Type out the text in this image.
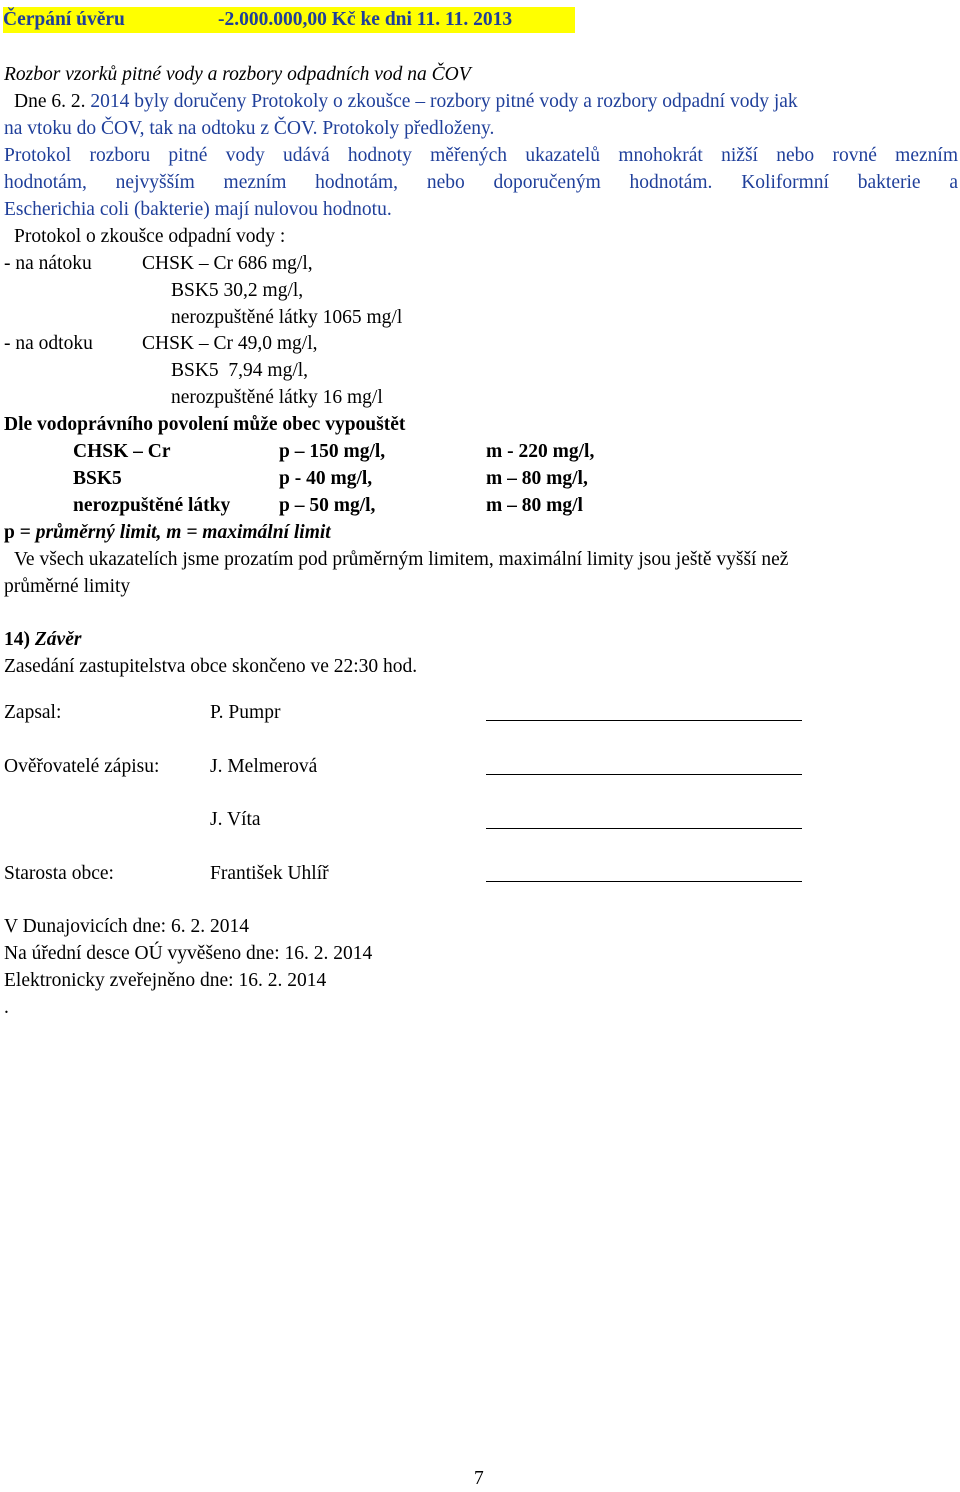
Čerpání úvěru	-2.000.000,00 Kč ke dni 11. 11. 2013
Rozbor vzorků pitné vody a rozbory odpadních vod na ČOV
Dne 6. 2. 2014 byly doručeny Protokoly o zkoušce – rozbory pitné vody a rozbory odpadní vody jak
na vtoku do ČOV, tak na odtoku z ČOV. Protokoly předloženy.
Protokol rozboru pitné vody udává hodnoty měřených ukazatelů mnohokrát nižší nebo rovné mezním
hodnotám, nejvyšším mezním hodnotám, nebo doporučeným hodnotám. Koliformní bakterie a
Escherichia coli (bakterie) mají nulovou hodnotu.
Protokol o zkoušce odpadní vody :
- na nátoku	CHSK – Cr 686 mg/l,
BSK5 30,2 mg/l,
nerozpuštěné látky 1065 mg/l
- na odtoku	CHSK – Cr 49,0 mg/l,
BSK5  7,94 mg/l,
nerozpuštěné látky 16 mg/l
Dle vodoprávního povolení může obec vypouštět
CHSK – Cr	p – 150 mg/l,	m - 220 mg/l,
BSK5	p - 40 mg/l,	m – 80 mg/l,
nerozpuštěné látky p – 50 mg/l,	m – 80 mg/l
p = průměrný limit, m = maximální limit
Ve všech ukazatelích jsme prozatím pod průměrným limitem, maximální limity jsou ještě vyšší než
průměrné limity
14) Závěr
Zasedání zastupitelstva obce skončeno ve 22:30 hod.
Zapsal:	P. Pumpr
Ověřovatelé zápisu:	J. Melmerová
J. Víta
Starosta obce:	František Uhlíř
V Dunajovicích dne: 6. 2. 2014
Na úřední desce OÚ vyvěšeno dne: 16. 2. 2014
Elektronicky zveřejněno dne: 16. 2. 2014
.
7
